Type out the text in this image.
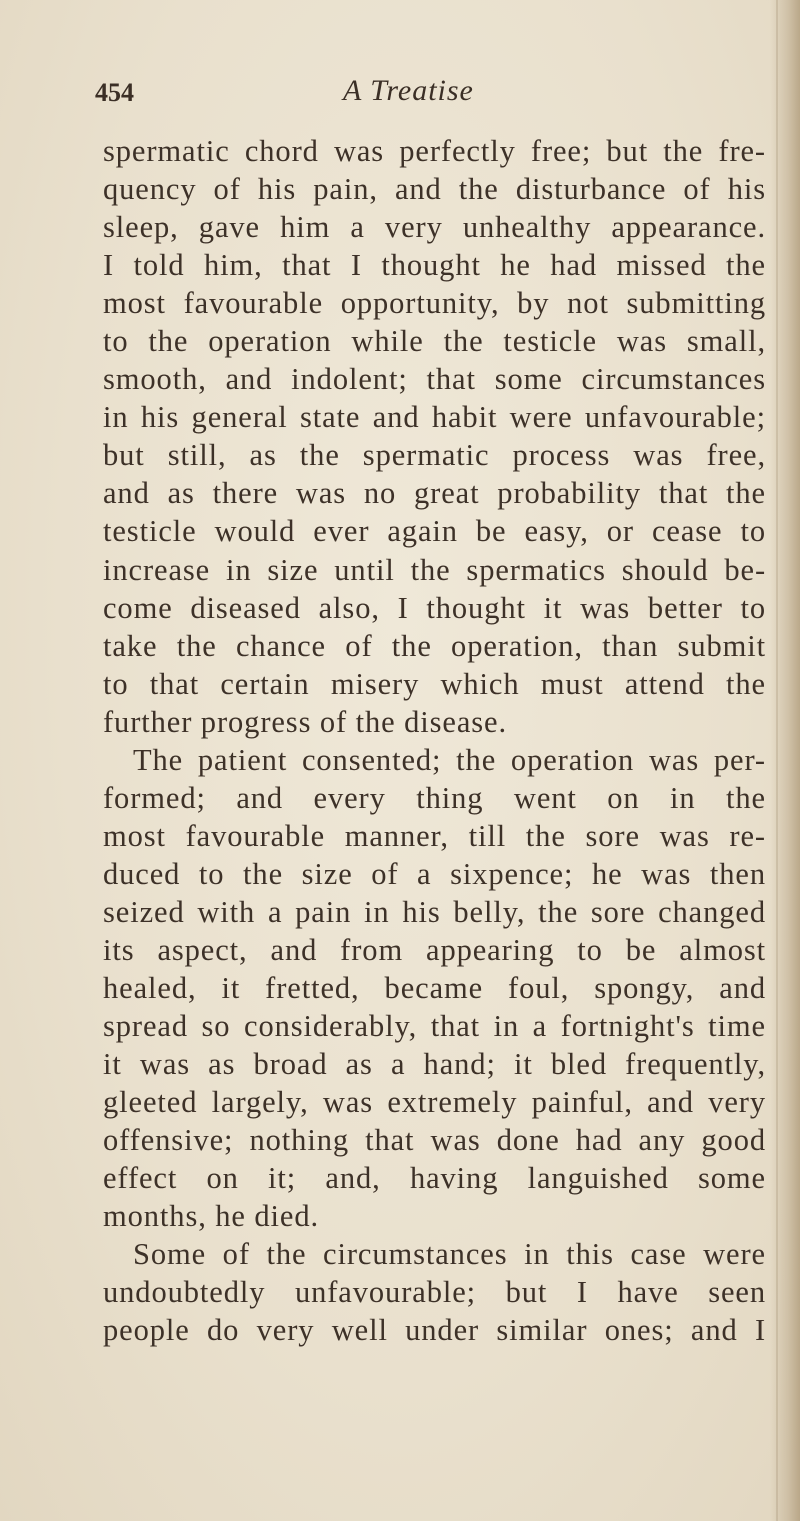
454	A Treatise
spermatic chord was perfectly free; but the fre-
quency of his pain, and the disturbance of his
sleep, gave him a very unhealthy appearance.
I told him, that I thought he had missed the
most favourable opportunity, by not submitting
to the operation while the testicle was small,
smooth, and indolent; that some circumstances
in his general state and habit were unfavourable;
but still, as the spermatic process was free,
and as there was no great probability that the
testicle would ever again be easy, or cease to
increase in size until the spermatics should be-
come diseased also, I thought it was better to
take the chance of the operation, than submit
to that certain misery which must attend the
further progress of the disease.
The patient consented; the operation was per-
formed; and every thing went on in the
most favourable manner, till the sore was re-
duced to the size of a sixpence; he was then
seized with a pain in his belly, the sore changed
its aspect, and from appearing to be almost
healed, it fretted, became foul, spongy, and
spread so considerably, that in a fortnight's time
it was as broad as a hand; it bled frequently,
gleeted largely, was extremely painful, and very
offensive; nothing that was done had any good
effect on it; and, having languished some
months, he died.
Some of the circumstances in this case were
undoubtedly unfavourable; but I have seen
people do very well under similar ones; and I
